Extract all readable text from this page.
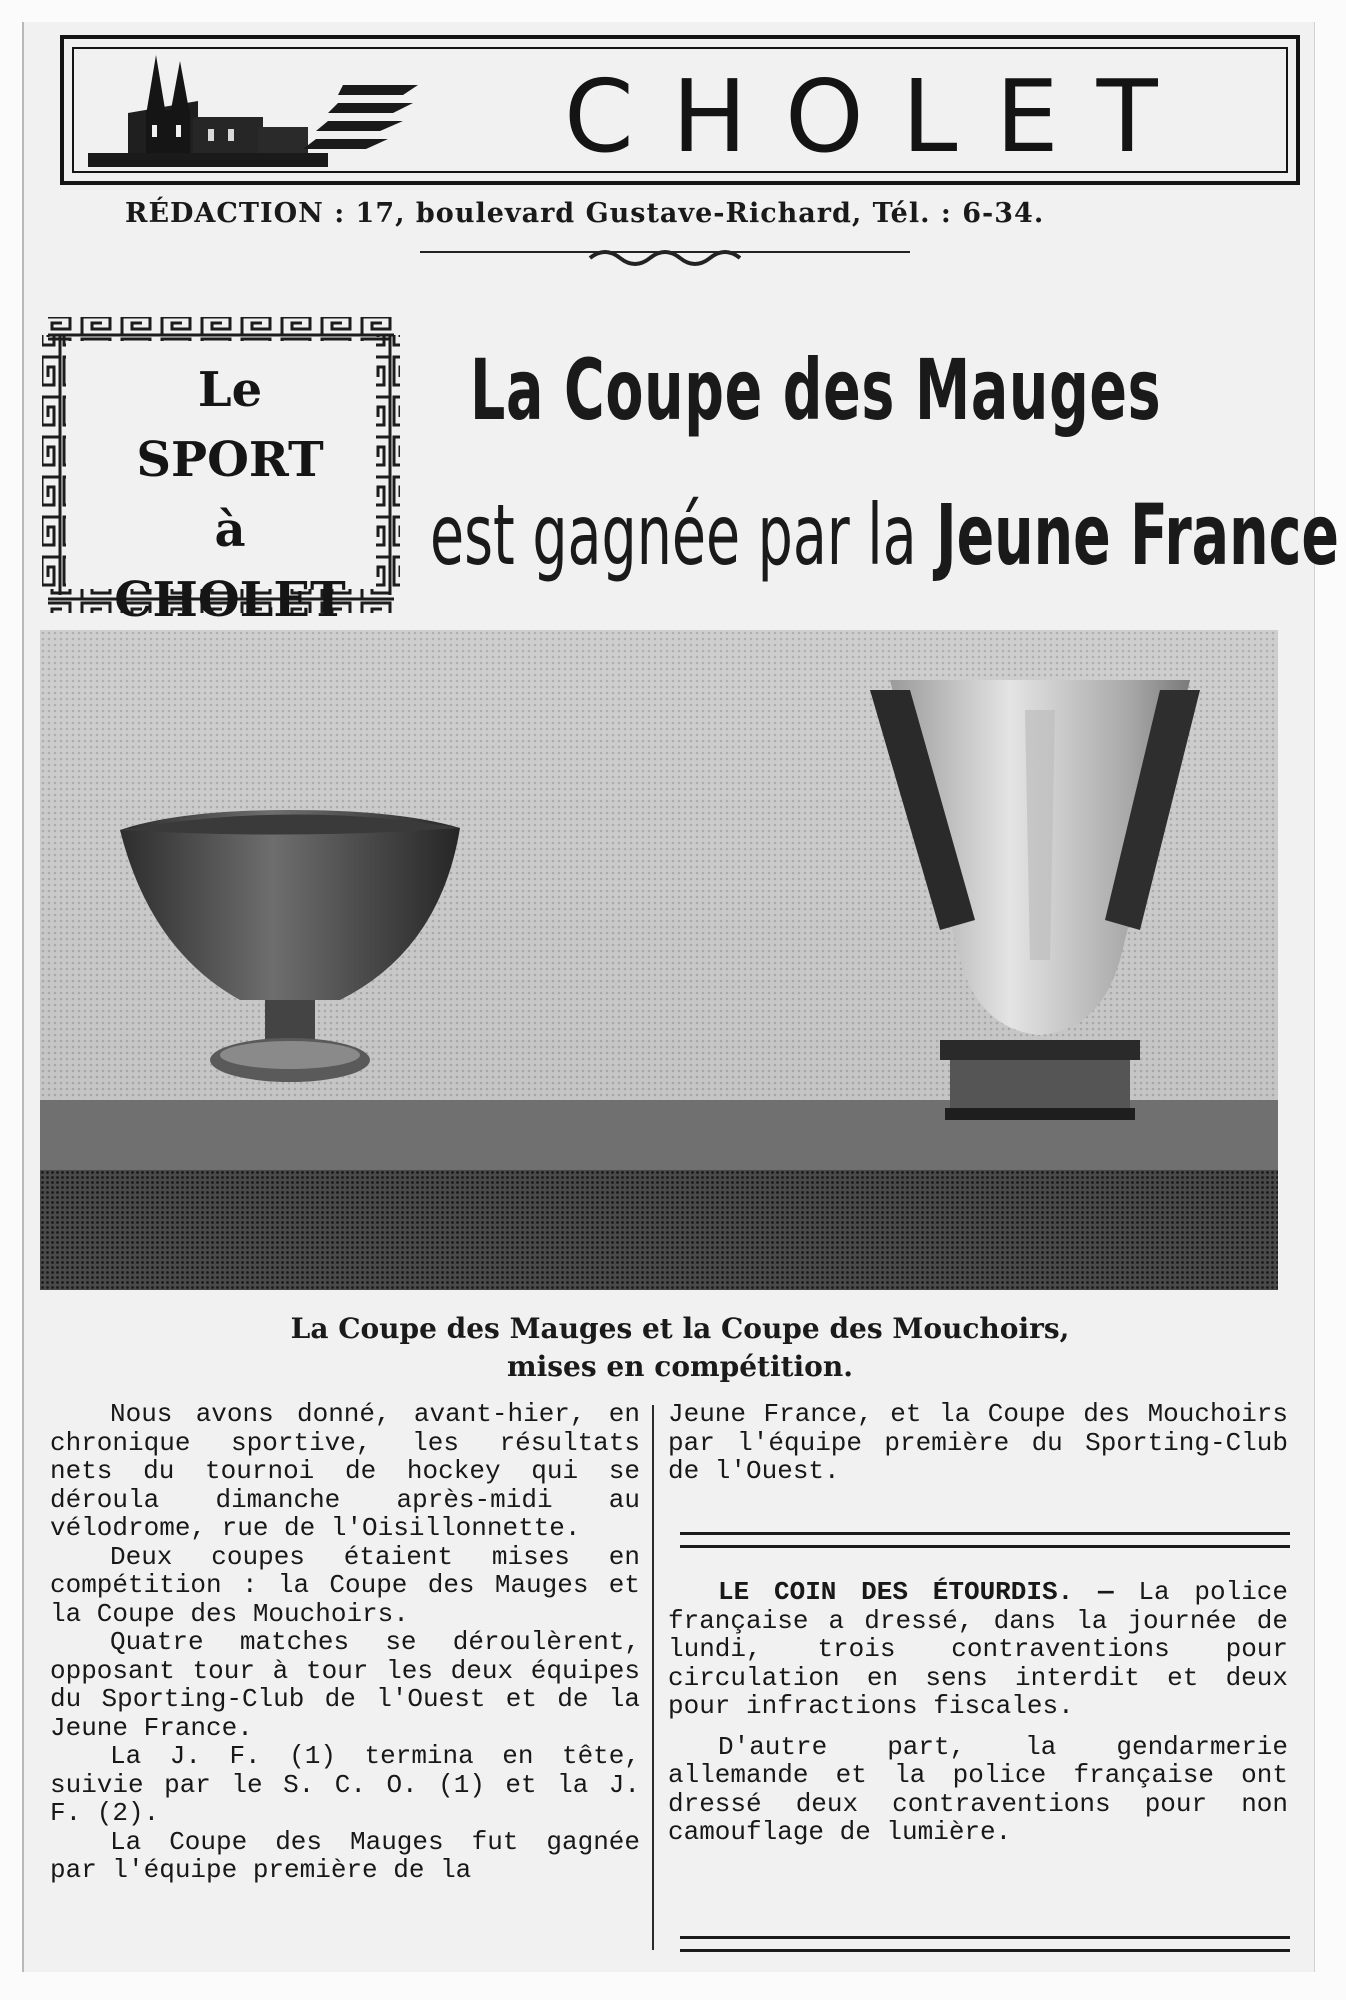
CHOLET
RÉDACTION : 17, boulevard Gustave-Richard, Tél. : 6-34.
Le SPORT
à
CHOLET
La Coupe des Mauges
est gagnée par la Jeune France
La Coupe des Mauges et la Coupe des Mouchoirs,
mises en compétition.

Nous avons donné, avant-hier, en chronique sportive, les résultats nets du tournoi de hockey qui se déroula dimanche après-midi au vélodrome, rue de l'Oisillonnette.

Deux coupes étaient mises en compétition : la Coupe des Mauges et la Coupe des Mouchoirs.

Quatre matches se déroulèrent, opposant tour à tour les deux équipes du Sporting-Club de l'Ouest et de la Jeune France.

La J. F. (1) termina en tête, suivie par le S. C. O. (1) et la J. F. (2).

La Coupe des Mauges fut gagnée par l'équipe première de la

Jeune France, et la Coupe des Mouchoirs par l'équipe première du Sporting-Club de l'Ouest.

LE COIN DES ÉTOURDIS. — La police française a dressé, dans la journée de lundi, trois contraventions pour circulation en sens interdit et deux pour infractions fiscales.

D'autre part, la gendarmerie allemande et la police française ont dressé deux contraventions pour non camouflage de lumière.
